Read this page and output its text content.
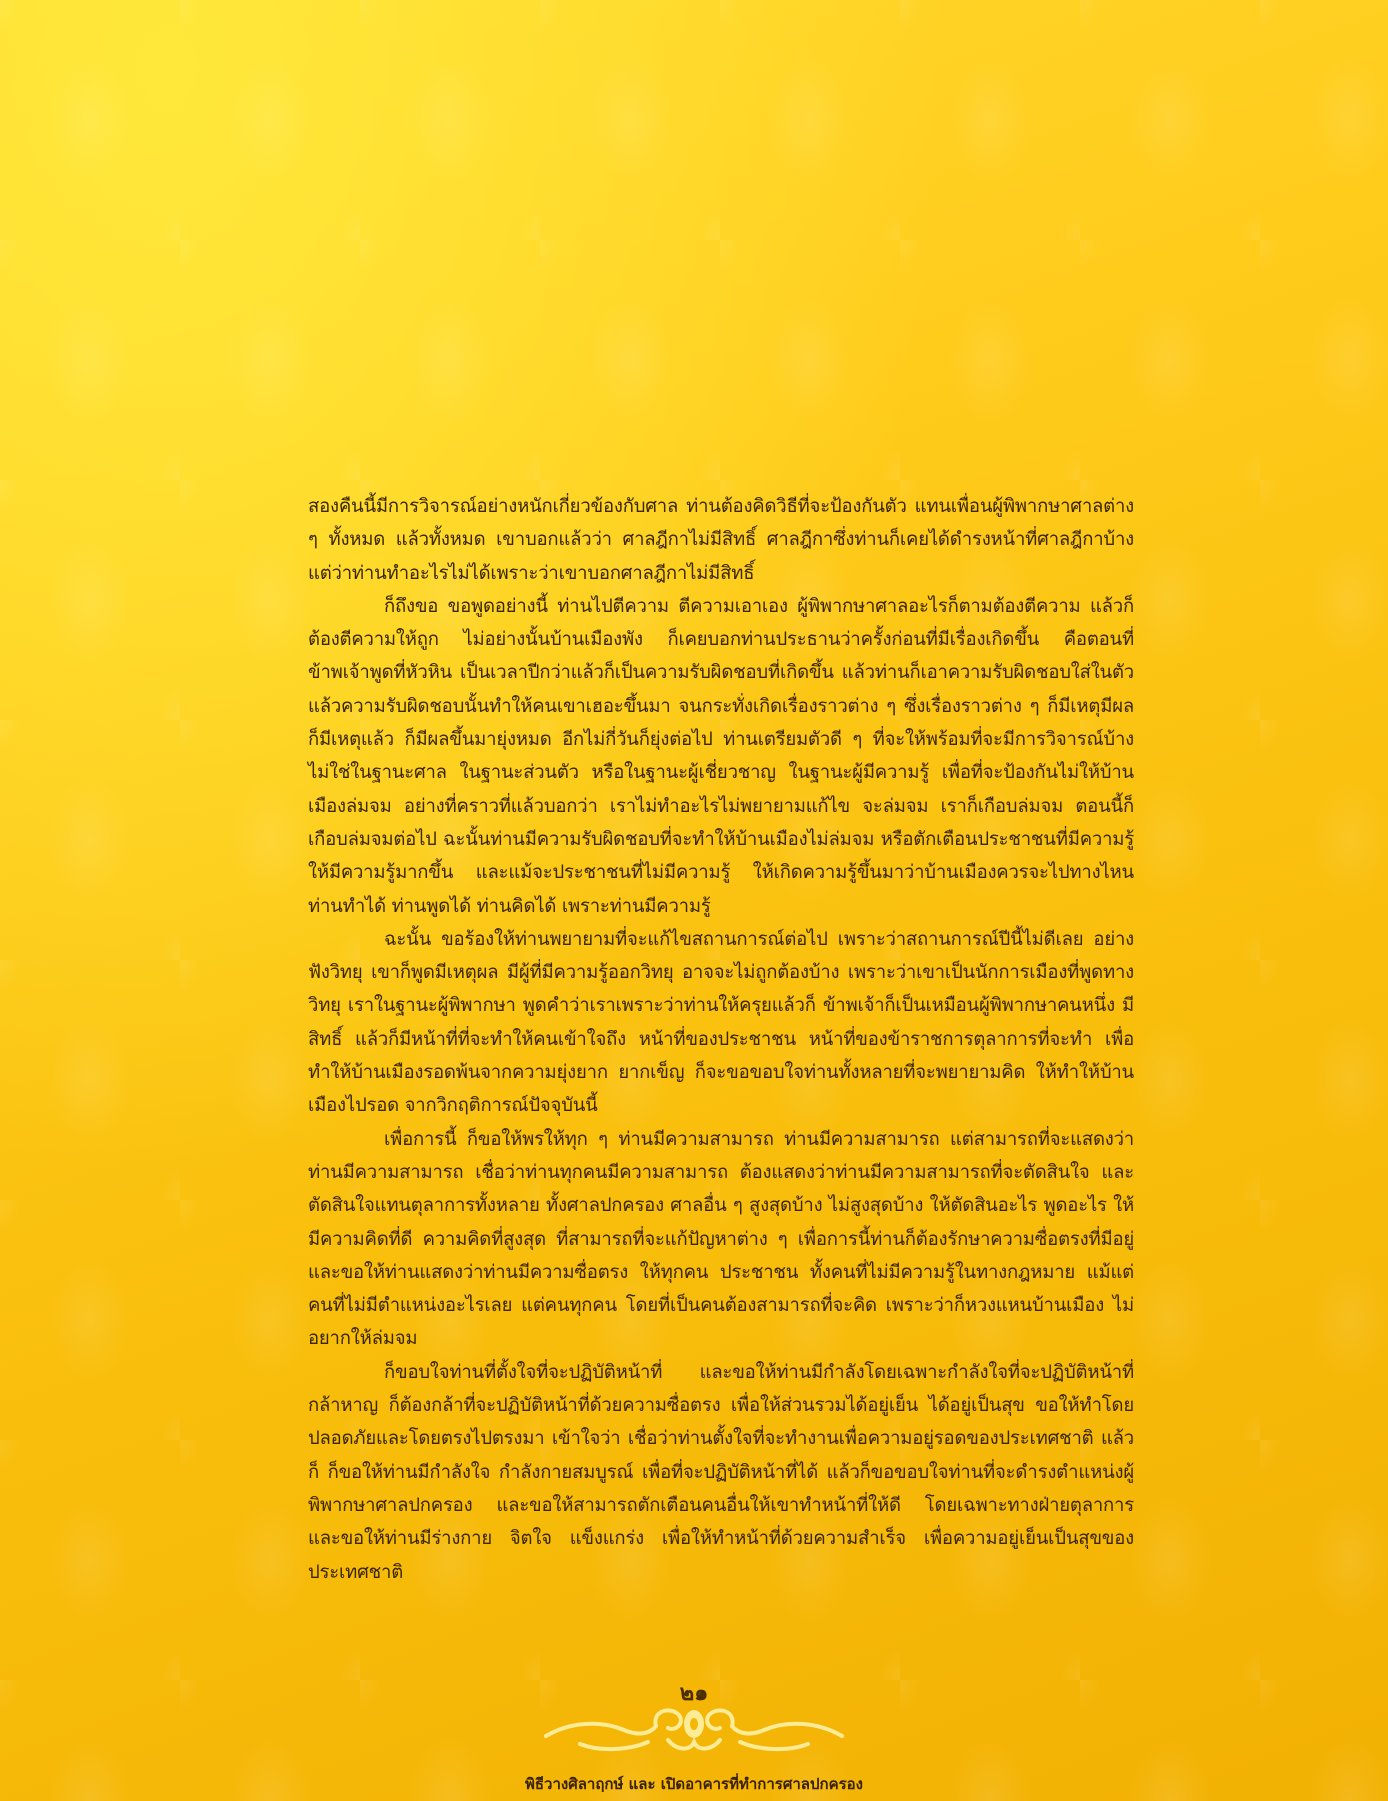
สองคืนนี้มีการวิจารณ์อย่างหนักเกี่ยวข้องกับศาล ท่านต้องคิดวิธีที่จะป้องกันตัว แทนเพื่อนผู้พิพากษาศาลต่าง ๆ ทั้งหมด แล้วทั้งหมด เขาบอกแล้วว่า ศาลฎีกาไม่มีสิทธิ์ ศาลฎีกาซึ่งท่านก็เคยได้ดำรงหน้าที่ศาลฎีกาบ้าง แต่ว่าท่านทำอะไรไม่ได้เพราะว่าเขาบอกศาลฎีกาไม่มีสิทธิ์

ก็ถึงขอ ขอพูดอย่างนี้ ท่านไปตีความ ตีความเอาเอง ผู้พิพากษาศาลอะไรก็ตามต้องตีความ แล้วก็ต้องตีความให้ถูก ไม่อย่างนั้นบ้านเมืองพัง ก็เคยบอกท่านประธานว่าครั้งก่อนที่มีเรื่องเกิดขึ้น คือตอนที่ข้าพเจ้าพูดที่หัวหิน เป็นเวลาปีกว่าแล้วก็เป็นความรับผิดชอบที่เกิดขึ้น แล้วท่านก็เอาความรับผิดชอบใส่ในตัว แล้วความรับผิดชอบนั้นทำให้คนเขาเฮอะขึ้นมา จนกระทั่งเกิดเรื่องราวต่าง ๆ ซึ่งเรื่องราวต่าง ๆ ก็มีเหตุมีผล ก็มีเหตุแล้ว ก็มีผลขึ้นมายุ่งหมด อีกไม่กี่วันก็ยุ่งต่อไป ท่านเตรียมตัวดี ๆ ที่จะให้พร้อมที่จะมีการวิจารณ์บ้าง ไม่ใช่ในฐานะศาล ในฐานะส่วนตัว หรือในฐานะผู้เชี่ยวชาญ ในฐานะผู้มีความรู้ เพื่อที่จะป้องกันไม่ให้บ้านเมืองล่มจม อย่างที่คราวที่แล้วบอกว่า เราไม่ทำอะไรไม่พยายามแก้ไข จะล่มจม เราก็เกือบล่มจม ตอนนี้ก็เกือบล่มจมต่อไป ฉะนั้นท่านมีความรับผิดชอบที่จะทำให้บ้านเมืองไม่ล่มจม หรือตักเตือนประชาชนที่มีความรู้ให้มีความรู้มากขึ้น และแม้จะประชาชนที่ไม่มีความรู้ ให้เกิดความรู้ขึ้นมาว่าบ้านเมืองควรจะไปทางไหน ท่านทำได้ ท่านพูดได้ ท่านคิดได้ เพราะท่านมีความรู้

ฉะนั้น ขอร้องให้ท่านพยายามที่จะแก้ไขสถานการณ์ต่อไป เพราะว่าสถานการณ์ปีนี้ไม่ดีเลย อย่างฟังวิทยุ เขาก็พูดมีเหตุผล มีผู้ที่มีความรู้ออกวิทยุ อาจจะไม่ถูกต้องบ้าง เพราะว่าเขาเป็นนักการเมืองที่พูดทางวิทยุ เราในฐานะผู้พิพากษา พูดคำว่าเราเพราะว่าท่านให้ครุยแล้วก็ ข้าพเจ้าก็เป็นเหมือนผู้พิพากษาคนหนึ่ง มีสิทธิ์ แล้วก็มีหน้าที่ที่จะทำให้คนเข้าใจถึง หน้าที่ของประชาชน หน้าที่ของข้าราชการตุลาการที่จะทำ เพื่อทำให้บ้านเมืองรอดพ้นจากความยุ่งยาก ยากเข็ญ ก็จะขอขอบใจท่านทั้งหลายที่จะพยายามคิด ให้ทำให้บ้านเมืองไปรอด จากวิกฤติการณ์ปัจจุบันนี้

เพื่อการนี้ ก็ขอให้พรให้ทุก ๆ ท่านมีความสามารถ ท่านมีความสามารถ แต่สามารถที่จะแสดงว่าท่านมีความสามารถ เชื่อว่าท่านทุกคนมีความสามารถ ต้องแสดงว่าท่านมีความสามารถที่จะตัดสินใจ และตัดสินใจแทนตุลาการทั้งหลาย ทั้งศาลปกครอง ศาลอื่น ๆ สูงสุดบ้าง ไม่สูงสุดบ้าง ให้ตัดสินอะไร พูดอะไร ให้มีความคิดที่ดี ความคิดที่สูงสุด ที่สามารถที่จะแก้ปัญหาต่าง ๆ เพื่อการนี้ท่านก็ต้องรักษาความซื่อตรงที่มีอยู่ และขอให้ท่านแสดงว่าท่านมีความซื่อตรง ให้ทุกคน ประชาชน ทั้งคนที่ไม่มีความรู้ในทางกฎหมาย แม้แต่คนที่ไม่มีตำแหน่งอะไรเลย แต่คนทุกคน โดยที่เป็นคนต้องสามารถที่จะคิด เพราะว่าก็หวงแหนบ้านเมือง ไม่อยากให้ล่มจม

ก็ขอบใจท่านที่ตั้งใจที่จะปฏิบัติหน้าที่ และขอให้ท่านมีกำลังโดยเฉพาะกำลังใจที่จะปฏิบัติหน้าที่ กล้าหาญ ก็ต้องกล้าที่จะปฏิบัติหน้าที่ด้วยความซื่อตรง เพื่อให้ส่วนรวมได้อยู่เย็น ได้อยู่เป็นสุข ขอให้ทำโดยปลอดภัยและโดยตรงไปตรงมา เข้าใจว่า เชื่อว่าท่านตั้งใจที่จะทำงานเพื่อความอยู่รอดของประเทศชาติ แล้วก็ ก็ขอให้ท่านมีกำลังใจ กำลังกายสมบูรณ์ เพื่อที่จะปฏิบัติหน้าที่ได้ แล้วก็ขอขอบใจท่านที่จะดำรงตำแหน่งผู้พิพากษาศาลปกครอง และขอให้สามารถตักเตือนคนอื่นให้เขาทำหน้าที่ให้ดี โดยเฉพาะทางฝ่ายตุลาการ และขอให้ท่านมีร่างกาย จิตใจ แข็งแกร่ง เพื่อให้ทำหน้าที่ด้วยความสำเร็จ เพื่อความอยู่เย็นเป็นสุขของประเทศชาติ

๒๑
พิธีวางศิลาฤกษ์ และ เปิดอาคารที่ทำการศาลปกครอง
